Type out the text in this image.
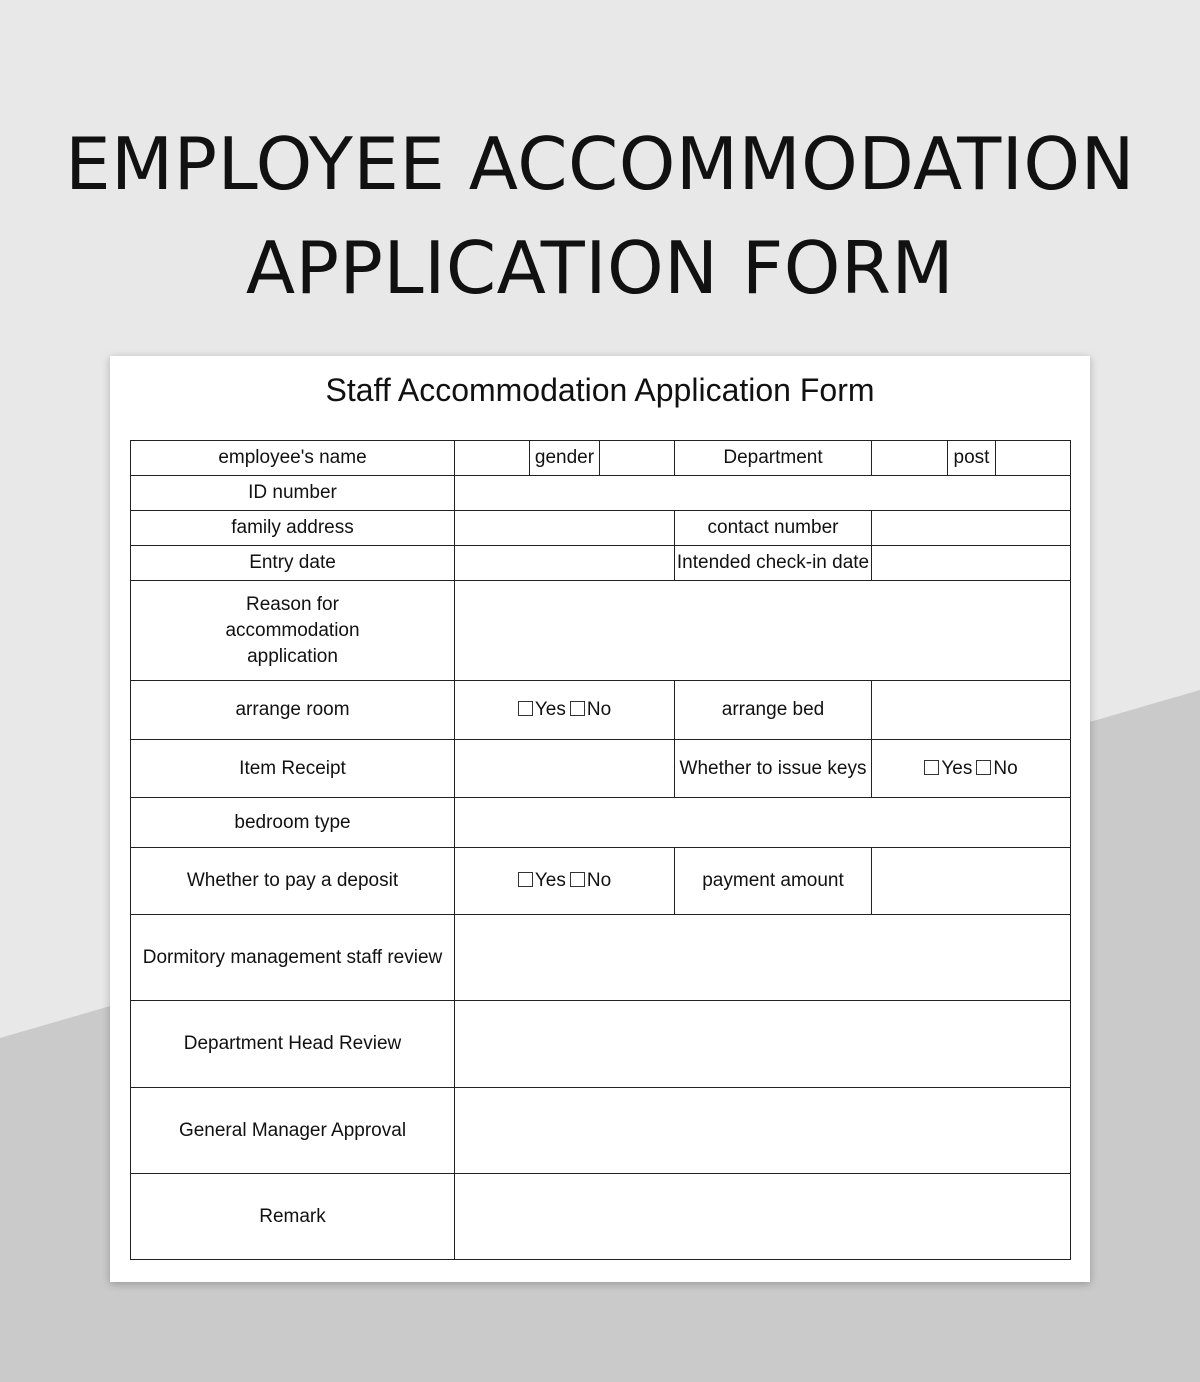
EMPLOYEE ACCOMMODATION
APPLICATION FORM
Staff Accommodation Application Form
employee's name		gender		Department		post	
ID number							
family address				contact number			
Entry date				Intended check-in date			
Reason for accommodation application							
arrange room	Yes No			arrange bed			
Item Receipt				Whether to issue keys	Yes No		
bedroom type							
Whether to pay a deposit	Yes No			payment amount			
Dormitory management staff review							
Department Head Review							
General Manager Approval							
Remark							
